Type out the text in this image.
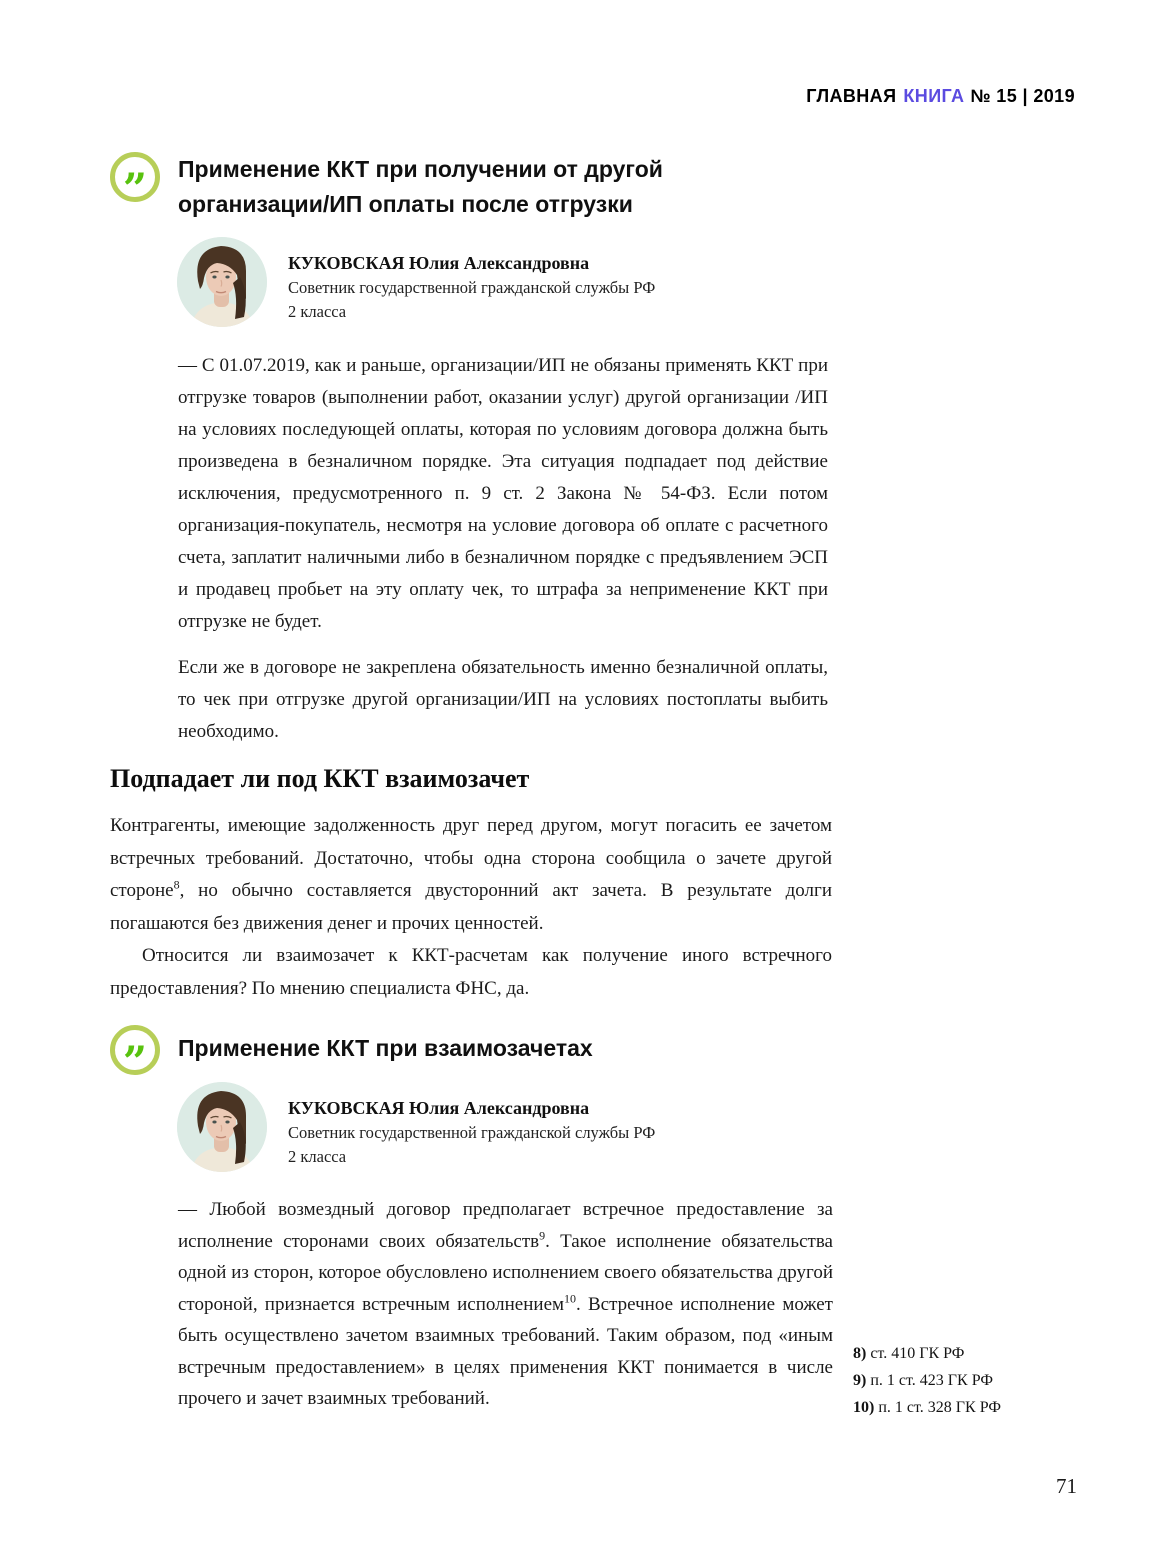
ГЛАВНАЯ КНИГА № 15 | 2019
” Применение ККТ при получении от другой организации/ИП оплаты после отгрузки
КУКОВСКАЯ Юлия Александровна
Советник государственной гражданской службы РФ
2 класса
— С 01.07.2019, как и раньше, организации/ИП не обязаны применять ККТ при отгрузке товаров (выполнении работ, оказании услуг) другой организации /ИП на условиях последующей оплаты, которая по условиям договора должна быть произведена в безналичном порядке. Эта ситуация подпадает под действие исключения, предусмотренного п. 9 ст. 2 Закона № 54-ФЗ. Если потом организация-покупатель, несмотря на условие договора об оплате с расчетного счета, заплатит наличными либо в безналичном порядке с предъявлением ЭСП и продавец пробьет на эту оплату чек, то штрафа за неприменение ККТ при отгрузке не будет.
Если же в договоре не закреплена обязательность именно безналичной оплаты, то чек при отгрузке другой организации/ИП на условиях постоплаты выбить необходимо.
Подпадает ли под ККТ взаимозачет

Контрагенты, имеющие задолженность друг перед другом, могут погасить ее зачетом встречных требований. Достаточно, чтобы одна сторона сообщила о зачете другой стороне$^8$, но обычно составляется двусторонний акт зачета. В результате долги погашаются без движения денег и прочих ценностей.

Относится ли взаимозачет к ККТ-расчетам как получение иного встречного предоставления? По мнению специалиста ФНС, да.

” Применение ККТ при взаимозачетах
КУКОВСКАЯ Юлия Александровна
Советник государственной гражданской службы РФ
2 класса
— Любой возмездный договор предполагает встречное предоставление за исполнение сторонами своих обязательств$^9$. Такое исполнение обязательства одной из сторон, которое обусловлено исполнением своего обязательства другой стороной, признается встречным исполнением$^{10}$. Встречное исполнение может быть осуществлено зачетом взаимных требований. Таким образом, под «иным встречным предоставлением» в целях применения ККТ понимается в числе прочего и зачет взаимных требований.
8) ст. 410 ГК РФ
9) п. 1 ст. 423 ГК РФ
10) п. 1 ст. 328 ГК РФ
71
